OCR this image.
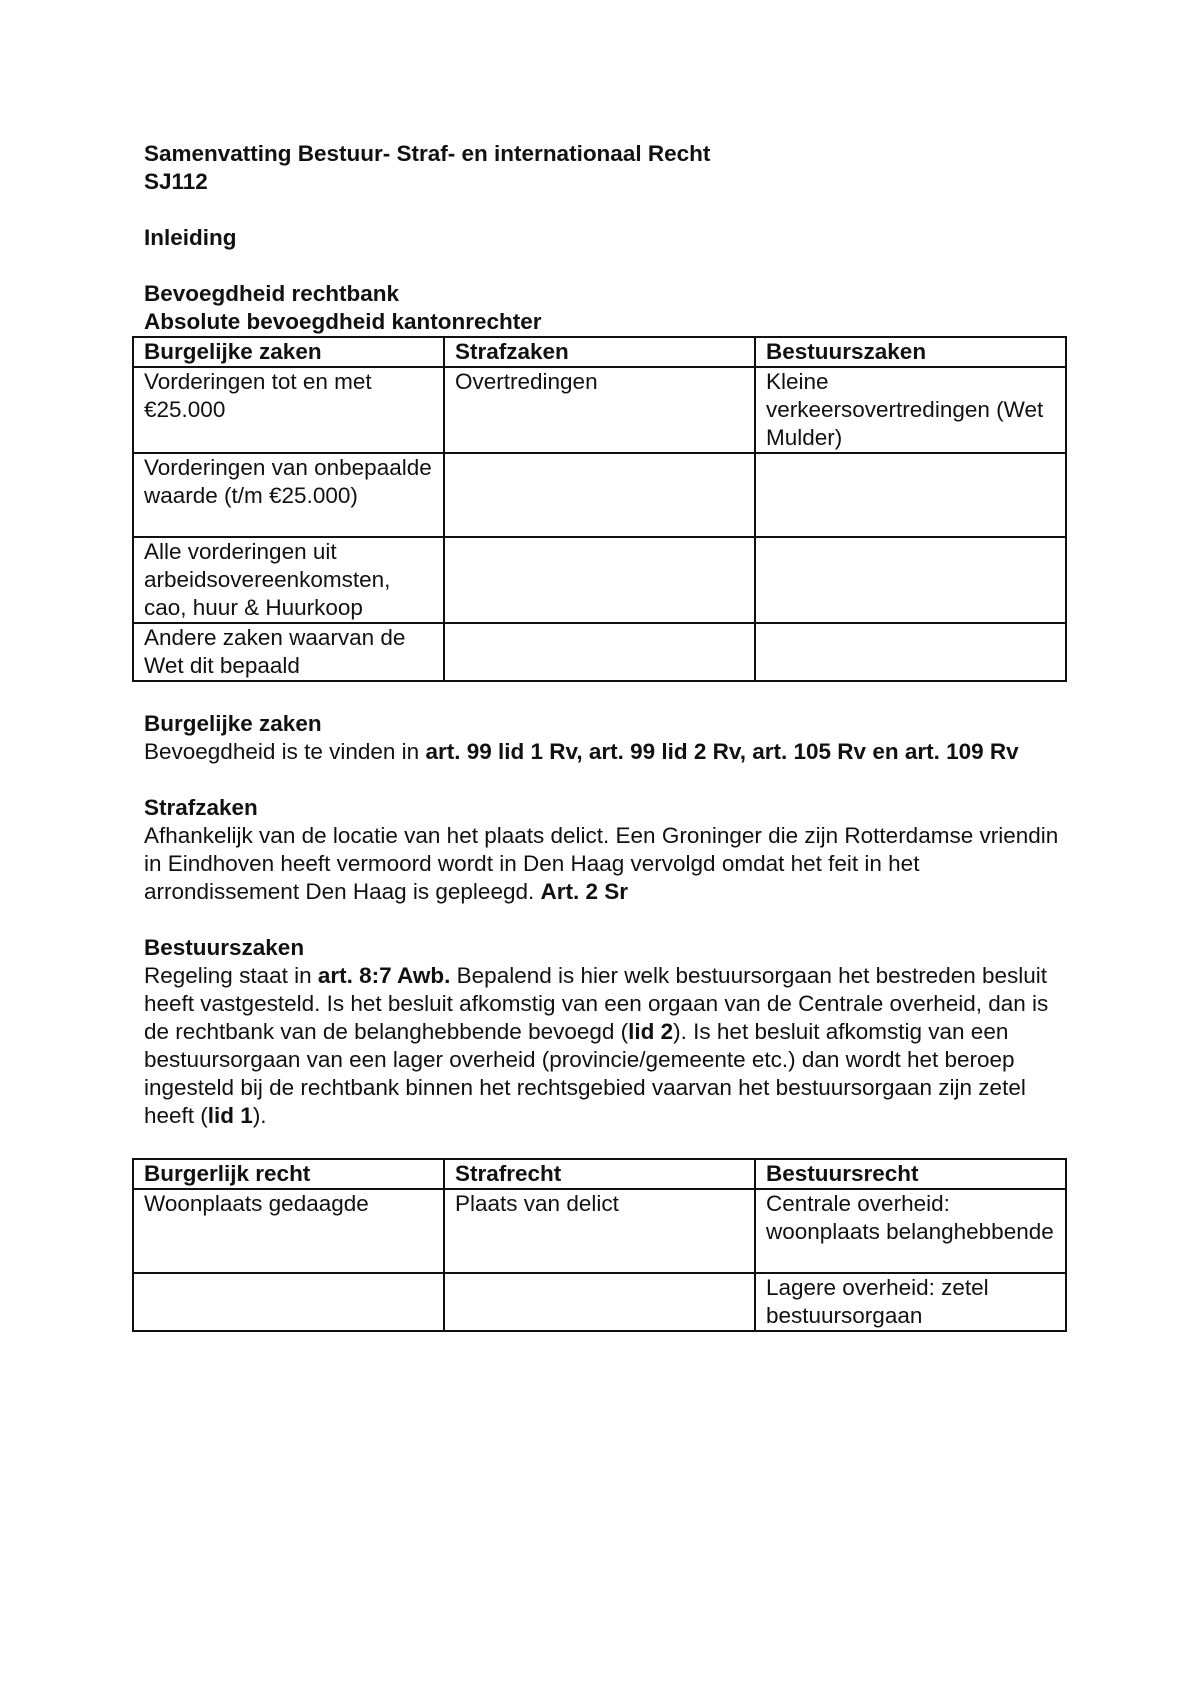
Samenvatting Bestuur- Straf- en internationaal Recht

SJ112

Inleiding

Bevoegdheid rechtbank

Absolute bevoegdheid kantonrechter

Burgelijke zaken	Strafzaken	Bestuurszaken
Vorderingen tot en met €25.000	Overtredingen	Kleine verkeersovertredingen (Wet Mulder)
Vorderingen van onbepaalde waarde (t/m €25.000)		
Alle vorderingen uit arbeidsovereenkomsten, cao, huur & Huurkoop		
Andere zaken waarvan de Wet dit bepaald		

Burgelijke zaken

Bevoegdheid is te vinden in art. 99 lid 1 Rv, art. 99 lid 2 Rv, art. 105 Rv en art. 109 Rv

Strafzaken

Afhankelijk van de locatie van het plaats delict. Een Groninger die zijn Rotterdamse vriendin in Eindhoven heeft vermoord wordt in Den Haag vervolgd omdat het feit in het arrondissement Den Haag is gepleegd. Art. 2 Sr

Bestuurszaken

Regeling staat in art. 8:7 Awb. Bepalend is hier welk bestuursorgaan het bestreden besluit heeft vastgesteld. Is het besluit afkomstig van een orgaan van de Centrale overheid, dan is de rechtbank van de belanghebbende bevoegd (lid 2). Is het besluit afkomstig van een bestuursorgaan van een lager overheid (provincie/gemeente etc.) dan wordt het beroep ingesteld bij de rechtbank binnen het rechtsgebied vaarvan het bestuursorgaan zijn zetel heeft (lid 1).

Burgerlijk recht	Strafrecht	Bestuursrecht
Woonplaats gedaagde	Plaats van delict	Centrale overheid: woonplaats belanghebbende
		Lagere overheid: zetel bestuursorgaan
